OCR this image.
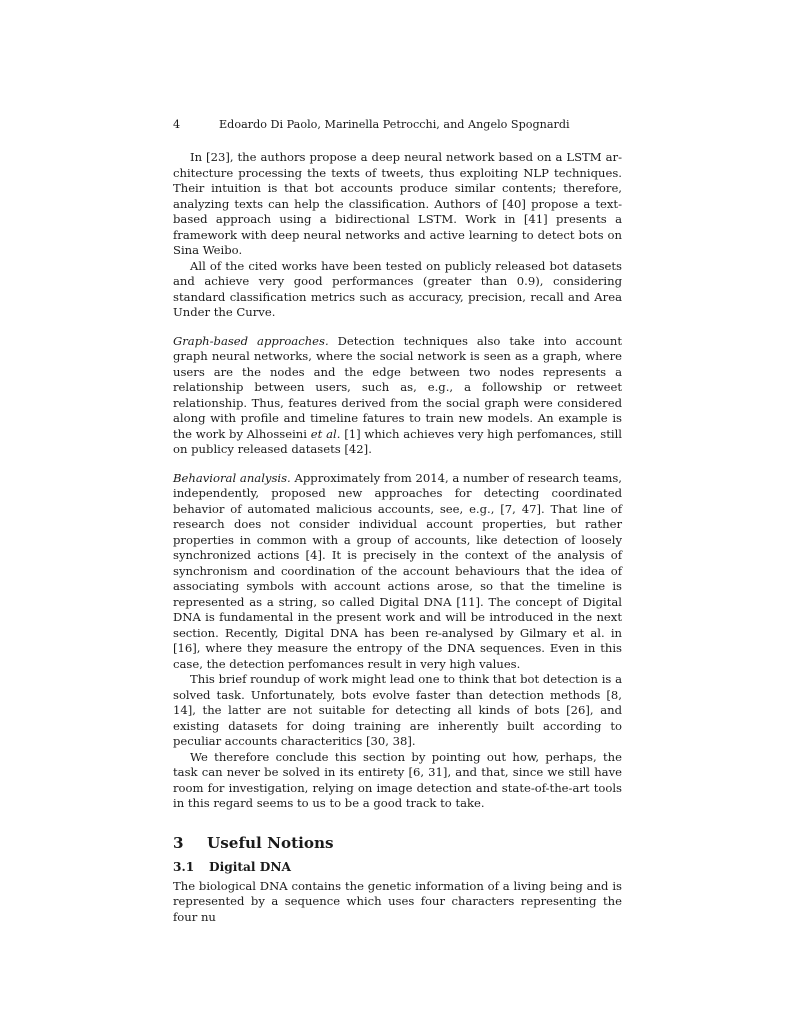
4	Edoardo Di Paolo, Marinella Petrocchi, and Angelo Spognardi

In [23], the authors propose a deep neural network based on a LSTM architecture processing the texts of tweets, thus exploiting NLP techniques. Their intuition is that bot accounts produce similar contents; therefore, analyzing texts can help the classification. Authors of [40] propose a text-based approach using a bidirectional LSTM. Work in [41] presents a framework with deep neural networks and active learning to detect bots on Sina Weibo.

All of the cited works have been tested on publicly released bot datasets and achieve very good performances (greater than 0.9), considering standard classification metrics such as accuracy, precision, recall and Area Under the Curve.

Graph-based approaches. Detection techniques also take into account graph neural networks, where the social network is seen as a graph, where users are the nodes and the edge between two nodes represents a relationship between users, such as, e.g., a followship or retweet relationship. Thus, features derived from the social graph were considered along with profile and timeline fatures to train new models. An example is the work by Alhosseini et al. [1] which achieves very high perfomances, still on publicy released datasets [42].

Behavioral analysis. Approximately from 2014, a number of research teams, independently, proposed new approaches for detecting coordinated behavior of automated malicious accounts, see, e.g., [7, 47]. That line of research does not consider individual account properties, but rather properties in common with a group of accounts, like detection of loosely synchronized actions [4]. It is precisely in the context of the analysis of synchronism and coordination of the account behaviours that the idea of associating symbols with account actions arose, so that the timeline is represented as a string, so called Digital DNA [11]. The concept of Digital DNA is fundamental in the present work and will be introduced in the next section. Recently, Digital DNA has been re-analysed by Gilmary et al. in [16], where they measure the entropy of the DNA sequences. Even in this case, the detection perfomances result in very high values.

This brief roundup of work might lead one to think that bot detection is a solved task. Unfortunately, bots evolve faster than detection methods [8, 14], the latter are not suitable for detecting all kinds of bots [26], and existing datasets for doing training are inherently built according to peculiar accounts characteritics [30, 38].

We therefore conclude this section by pointing out how, perhaps, the task can never be solved in its entirety [6, 31], and that, since we still have room for investigation, relying on image detection and state-of-the-art tools in this regard seems to us to be a good track to take.

3	Useful Notions
3.1	Digital DNA

The biological DNA contains the genetic information of a living being and is represented by a sequence which uses four characters representing the four nu
